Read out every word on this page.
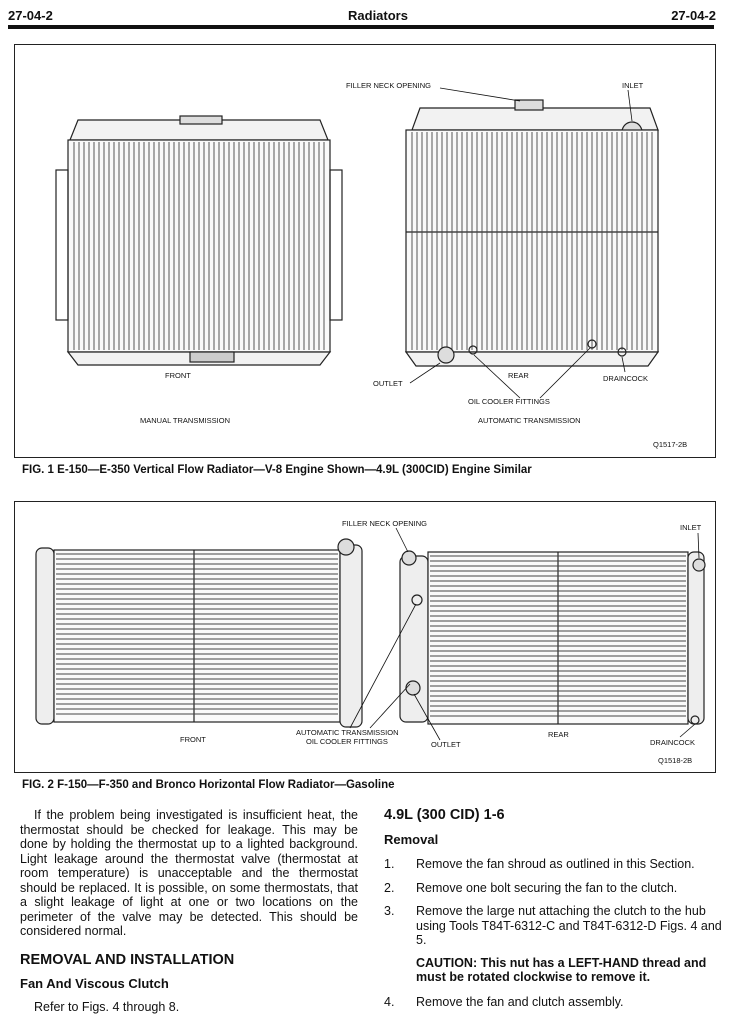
27-04-2	Radiators	27-04-2
FILLER NECK OPENING	INLET
FRONT
OUTLET
REAR	DRAINCOCK
OIL COOLER FITTINGS
MANUAL TRANSMISSION	AUTOMATIC TRANSMISSION
Q1517-2B
FIG. 1 E-150—E-350 Vertical Flow Radiator—V-8 Engine Shown—4.9L (300CID) Engine Similar
FILLER NECK OPENING	INLET
FRONT
AUTOMATIC TRANSMISSION
OIL COOLER FITTINGS	OUTLET
REAR
DRAINCOCK
Q1518-2B
FIG. 2 F-150—F-350 and Bronco Horizontal Flow Radiator—Gasoline

If the problem being investigated is insufficient heat, the thermostat should be checked for leakage. This may be done by holding the thermostat up to a lighted background. Light leakage around the thermostat valve (thermostat at room temperature) is unacceptable and the thermostat should be replaced. It is possible, on some thermostats, that a slight leakage of light at one or two locations on the perimeter of the valve may be detected. This should be considered normal.

REMOVAL AND INSTALLATION
Fan And Viscous Clutch

Refer to Figs. 4 through 8.

4.9L (300 CID) 1-6
Removal
1. Remove the fan shroud as outlined in this Section.
2. Remove one bolt securing the fan to the clutch.
3. Remove the large nut attaching the clutch to the hub using Tools T84T-6312-C and T84T-6312-D Figs. 4 and 5.
CAUTION: This nut has a LEFT-HAND thread and must be rotated clockwise to remove it.
4. Remove the fan and clutch assembly.
